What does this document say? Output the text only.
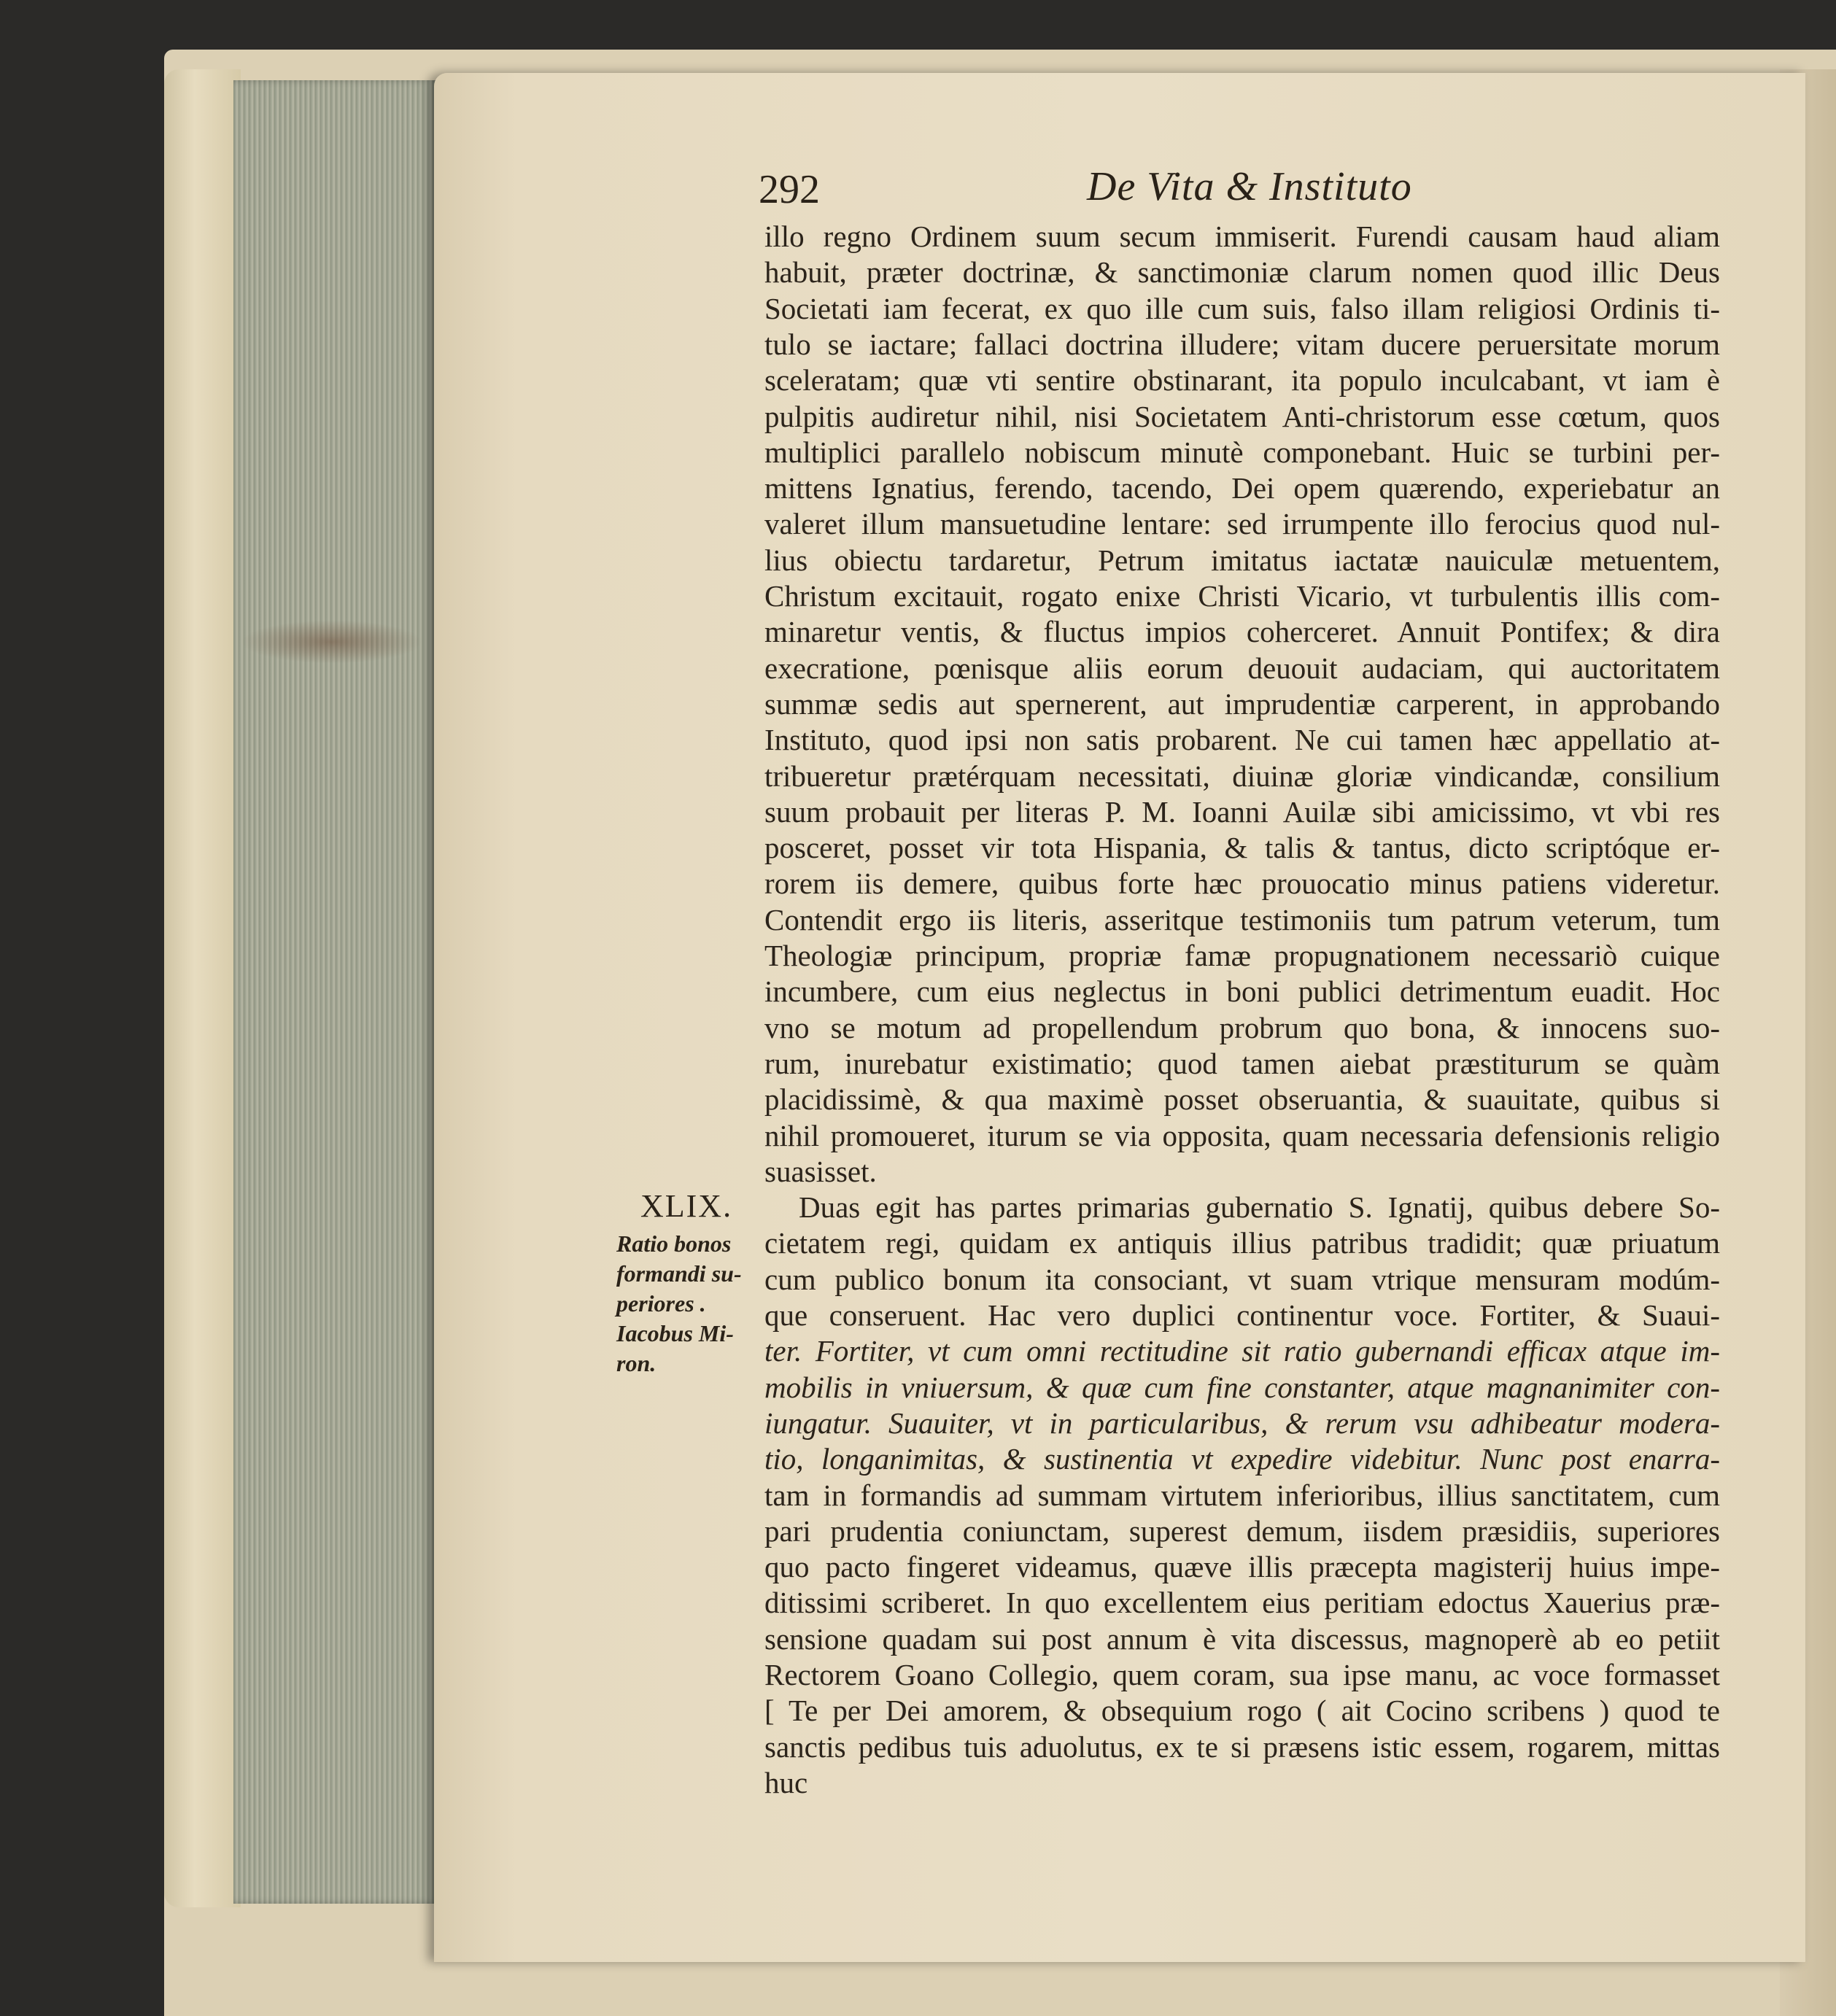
292	De Vita & Instituto
illo regno Ordinem suum secum immiserit. Furendi causam haud aliam
habuit, præter doctrinæ, & sanctimoniæ clarum nomen quod illic Deus
Societati iam fecerat, ex quo ille cum suis, falso illam religiosi Ordinis ti-
tulo se iactare; fallaci doctrina illudere; vitam ducere peruersitate morum
sceleratam; quæ vti sentire obstinarant, ita populo inculcabant, vt iam è
pulpitis audiretur nihil, nisi Societatem Anti-christorum esse cœtum, quos
multiplici parallelo nobiscum minutè componebant. Huic se turbini per-
mittens Ignatius, ferendo, tacendo, Dei opem quærendo, experiebatur an
valeret illum mansuetudine lentare: sed irrumpente illo ferocius quod nul-
lius obiectu tardaretur, Petrum imitatus iactatæ nauiculæ metuentem,
Christum excitauit, rogato enixe Christi Vicario, vt turbulentis illis com-
minaretur ventis, & fluctus impios coherceret. Annuit Pontifex; & dira
execratione, pœnisque aliis eorum deuouit audaciam, qui auctoritatem
summæ sedis aut spernerent, aut imprudentiæ carperent, in approbando
Instituto, quod ipsi non satis probarent. Ne cui tamen hæc appellatio at-
tribueretur prætérquam necessitati, diuinæ gloriæ vindicandæ, consilium
suum probauit per literas P. M. Ioanni Auilæ sibi amicissimo, vt vbi res
posceret, posset vir tota Hispania, & talis & tantus, dicto scriptóque er-
rorem iis demere, quibus forte hæc prouocatio minus patiens videretur.
Contendit ergo iis literis, asseritque testimoniis tum patrum veterum, tum
Theologiæ principum, propriæ famæ propugnationem necessariò cuique
incumbere, cum eius neglectus in boni publici detrimentum euadit. Hoc
vno se motum ad propellendum probrum quo bona, & innocens suo-
rum, inurebatur existimatio; quod tamen aiebat præstiturum se quàm
placidissimè, & qua maximè posset obseruantia, & suauitate, quibus si
nihil promoueret, iturum se via opposita, quam necessaria defensionis religio
suasisset.
Duas egit has partes primarias gubernatio S. Ignatij, quibus debere So-
cietatem regi, quidam ex antiquis illius patribus tradidit; quæ priuatum
cum publico bonum ita consociant, vt suam vtrique mensuram modúm-
que conseruent. Hac vero duplici continentur voce. Fortiter, & Suaui-
ter. Fortiter, vt cum omni rectitudine sit ratio gubernandi efficax atque im-
mobilis in vniuersum, & quæ cum fine constanter, atque magnanimiter con-
iungatur. Suauiter, vt in particularibus, & rerum vsu adhibeatur modera-
tio, longanimitas, & sustinentia vt expedire videbitur. Nunc post enarra-
tam in formandis ad summam virtutem inferioribus, illius sanctitatem, cum
pari prudentia coniunctam, superest demum, iisdem præsidiis, superiores
quo pacto fingeret videamus, quæve illis præcepta magisterij huius impe-
ditissimi scriberet. In quo excellentem eius peritiam edoctus Xauerius præ-
sensione quadam sui post annum è vita discessus, magnoperè ab eo petiit
Rectorem Goano Collegio, quem coram, sua ipse manu, ac voce formasset
[ Te per Dei amorem, & obsequium rogo ( ait Cocino scribens ) quod te
sanctis pedibus tuis aduolutus, ex te si præsens istic essem, rogarem, mittas
huc
XLIX.
Ratio bonos
formandi su-
periores .
Iacobus Mi-
ron.
